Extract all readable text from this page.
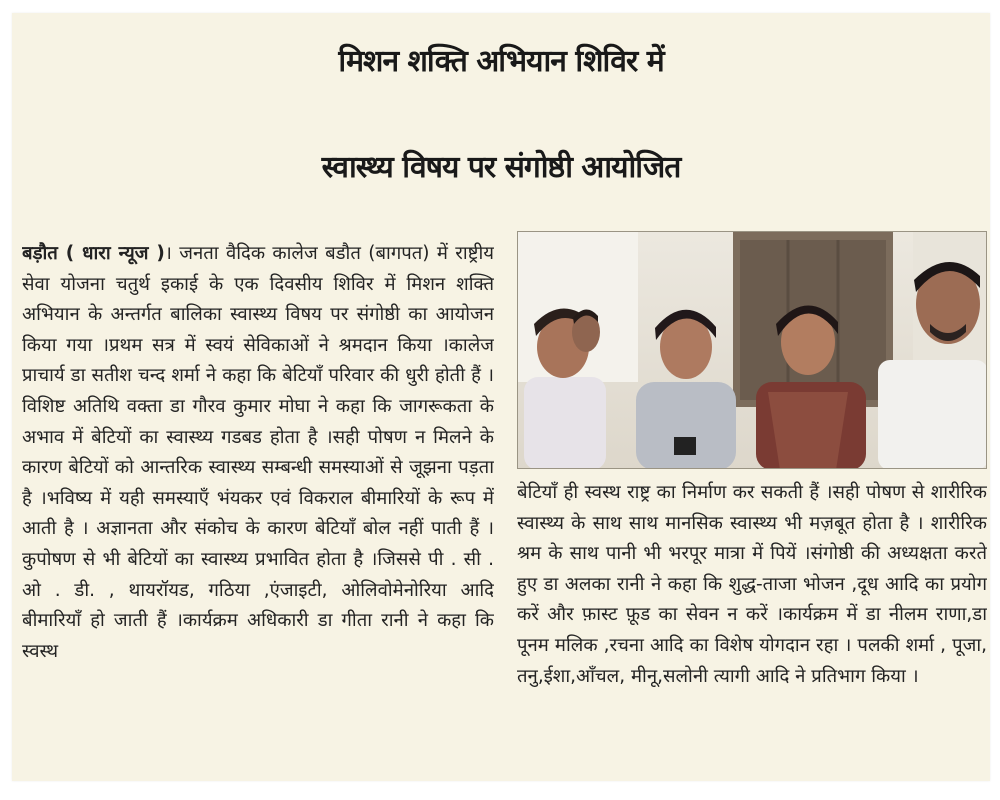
मिशन शक्ति अभियान शिविर में
स्वास्थ्य विषय पर संगोष्ठी आयोजित
बड़ौत ( धारा न्यूज )। जनता वैदिक कालेज बडौत (बागपत) में राष्ट्रीय सेवा योजना चतुर्थ इकाई के एक दिवसीय शिविर में मिशन शक्ति अभियान के अन्तर्गत बालिका स्वास्थ्य विषय पर संगोष्ठी का आयोजन किया गया ।प्रथम सत्र में स्वयं सेविकाओं ने श्रमदान किया ।कालेज प्राचार्य डा सतीश चन्द शर्मा ने कहा कि बेटियाँ परिवार की धुरी होती हैं ।विशिष्ट अतिथि वक्ता डा गौरव कुमार मोघा ने कहा कि जागरूकता के अभाव में बेटियों का स्वास्थ्य गडबड होता है ।सही पोषण न मिलने के कारण बेटियों को आन्तरिक स्वास्थ्य सम्बन्धी समस्याओं से जूझना पड़ता है ।भविष्य में यही समस्याएँ भंयकर एवं विकराल बीमारियों के रूप में आती है । अज्ञानता और संकोच के कारण बेटियाँ बोल नहीं पाती हैं ।कुपोषण से भी बेटियों का स्वास्थ्य प्रभावित होता है ।जिससे पी . सी . ओ . डी. , थायरॉयड, गठिया ,एंजाइटी, ओलिवोमेनोरिया आदि बीमारियाँ हो जाती हैं ।कार्यक्रम अधिकारी डा गीता रानी ने कहा कि स्वस्थ
बेटियाँ ही स्वस्थ राष्ट्र का निर्माण कर सकती हैं ।सही पोषण से शारीरिक स्वास्थ्य के साथ साथ मानसिक स्वास्थ्य भी मज़बूत होता है । शारीरिक श्रम के साथ पानी भी भरपूर मात्रा में पियें ।संगोष्ठी की अध्यक्षता करते हुए डा अलका रानी ने कहा कि शुद्ध-ताजा भोजन ,दूध आदि का प्रयोग करें और फ़ास्ट फ़ूड का सेवन न करें ।कार्यक्रम में डा नीलम राणा,डा पूनम मलिक ,रचना आदि का विशेष योगदान रहा । पलकी शर्मा , पूजा, तनु,ईशा,आँचल, मीनू,सलोनी त्यागी आदि ने प्रतिभाग किया ।
